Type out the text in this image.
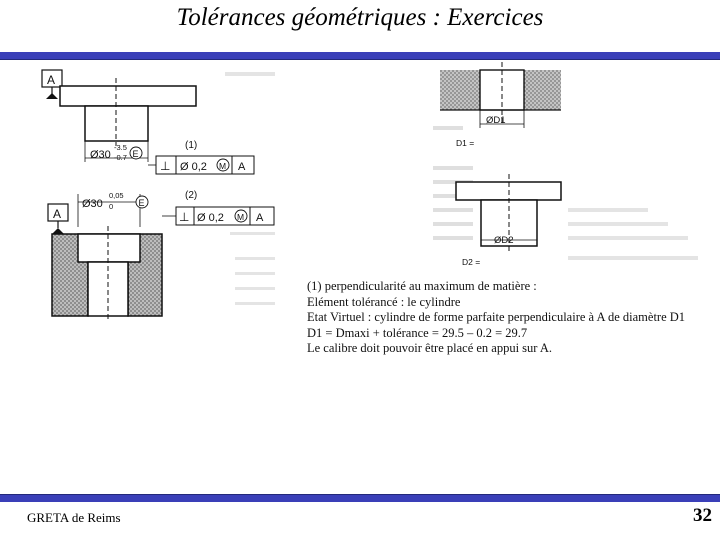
Tolérances géométriques : Exercices
A
Ø30
-3.5
-0.7 E
(1)
⊥ Ø 0,2 M A
(2)
Ø30
0,05
0	E
A	⊥ Ø 0,2 M A
ØD1
D1 =
ØD2
D2 =
(1) perpendicularité au maximum de matière :
Elément tolérancé : le cylindre
Etat Virtuel : cylindre de forme parfaite perpendiculaire à A de diamètre D1
D1 = Dmaxi + tolérance = 29.5 – 0.2 = 29.7
Le calibre doit pouvoir être placé en appui sur A.
GRETA de Reims	32
